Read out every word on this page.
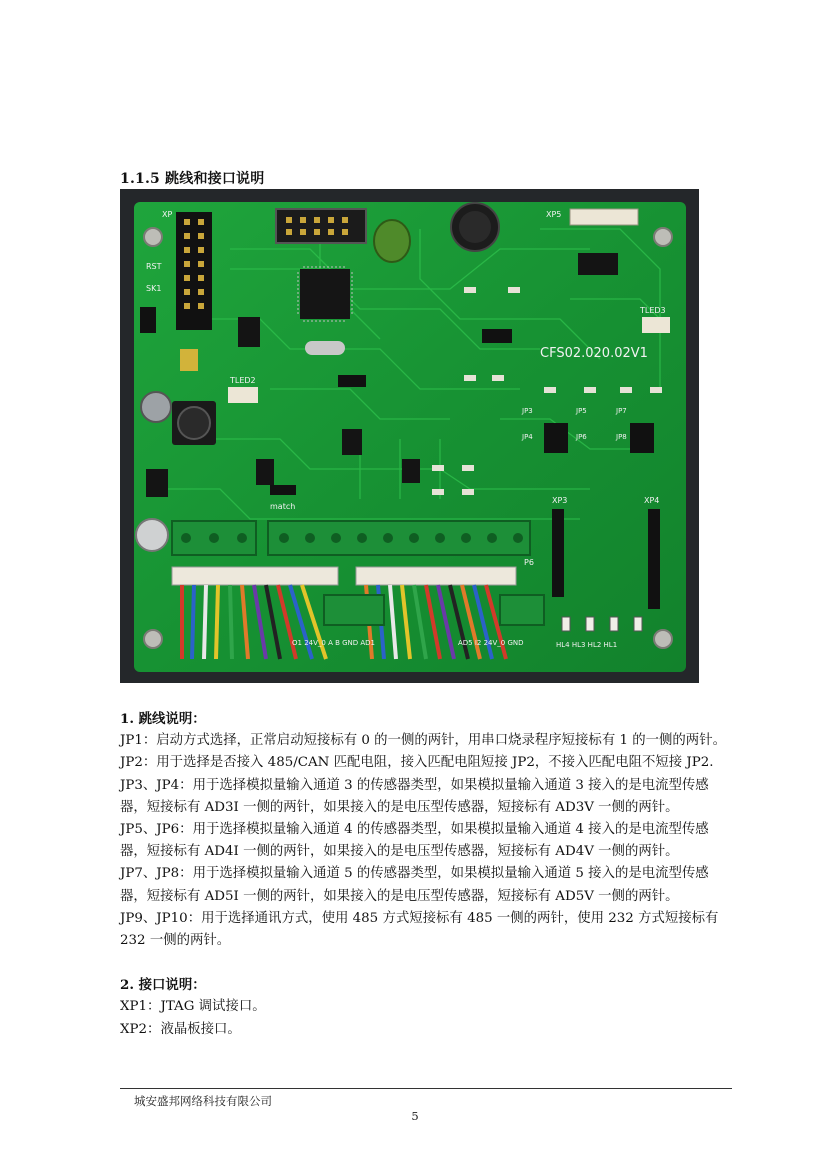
1.1.5 跳线和接口说明
XP	XP5
RST
SK1
TLED2
TLED3
XP3	XP4
P6
match
O1 24V_0 A B GND AD1	AD5 I2 24V_0 GND	HL4 HL3 HL2 HL1
JP3
JP4
JP5
JP6
JP7
JP8
CFS02.020.02V1

1. 跳线说明：

JP1：启动方式选择，正常启动短接标有 0 的一侧的两针，用串口烧录程序短接标有 1 的一侧的两针。

JP2：用于选择是否接入 485/CAN 匹配电阻，接入匹配电阻短接 JP2，不接入匹配电阻不短接 JP2.

JP3、JP4：用于选择模拟量输入通道 3 的传感器类型，如果模拟量输入通道 3 接入的是电流型传感器，短接标有 AD3I 一侧的两针，如果接入的是电压型传感器，短接标有 AD3V 一侧的两针。

JP5、JP6：用于选择模拟量输入通道 4 的传感器类型，如果模拟量输入通道 4 接入的是电流型传感器，短接标有 AD4I 一侧的两针，如果接入的是电压型传感器，短接标有 AD4V 一侧的两针。

JP7、JP8：用于选择模拟量输入通道 5 的传感器类型，如果模拟量输入通道 5 接入的是电流型传感器，短接标有 AD5I 一侧的两针，如果接入的是电压型传感器，短接标有 AD5V 一侧的两针。

JP9、JP10：用于选择通讯方式，使用 485 方式短接标有 485 一侧的两针，使用 232 方式短接标有 232 一侧的两针。

2. 接口说明：

XP1：JTAG 调试接口。

XP2：液晶板接口。

城安盛邦网络科技有限公司
5
